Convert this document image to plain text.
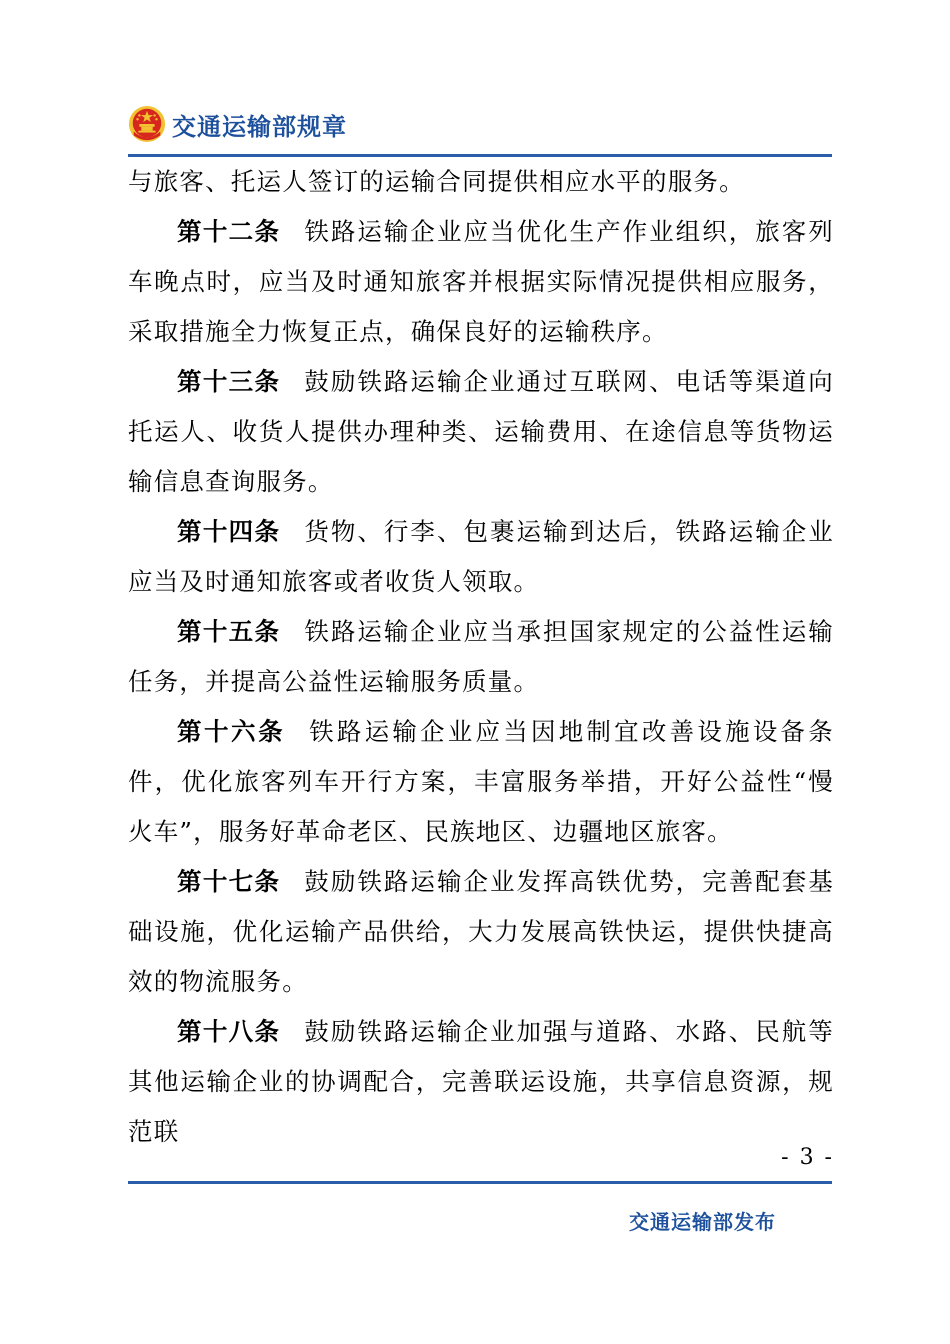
交通运输部规章

与旅客、托运人签订的运输合同提供相应水平的服务。

第十二条 铁路运输企业应当优化生产作业组织，旅客列车晚点时，应当及时通知旅客并根据实际情况提供相应服务，采取措施全力恢复正点，确保良好的运输秩序。

第十三条 鼓励铁路运输企业通过互联网、电话等渠道向托运人、收货人提供办理种类、运输费用、在途信息等货物运输信息查询服务。

第十四条 货物、行李、包裹运输到达后，铁路运输企业应当及时通知旅客或者收货人领取。

第十五条 铁路运输企业应当承担国家规定的公益性运输任务，并提高公益性运输服务质量。

第十六条 铁路运输企业应当因地制宜改善设施设备条件，优化旅客列车开行方案，丰富服务举措，开好公益性“慢火车”，服务好革命老区、民族地区、边疆地区旅客。

第十七条 鼓励铁路运输企业发挥高铁优势，完善配套基础设施，优化运输产品供给，大力发展高铁快运，提供快捷高效的物流服务。

第十八条 鼓励铁路运输企业加强与道路、水路、民航等其他运输企业的协调配合，完善联运设施，共享信息资源，规范联

- 3 -
交通运输部发布
